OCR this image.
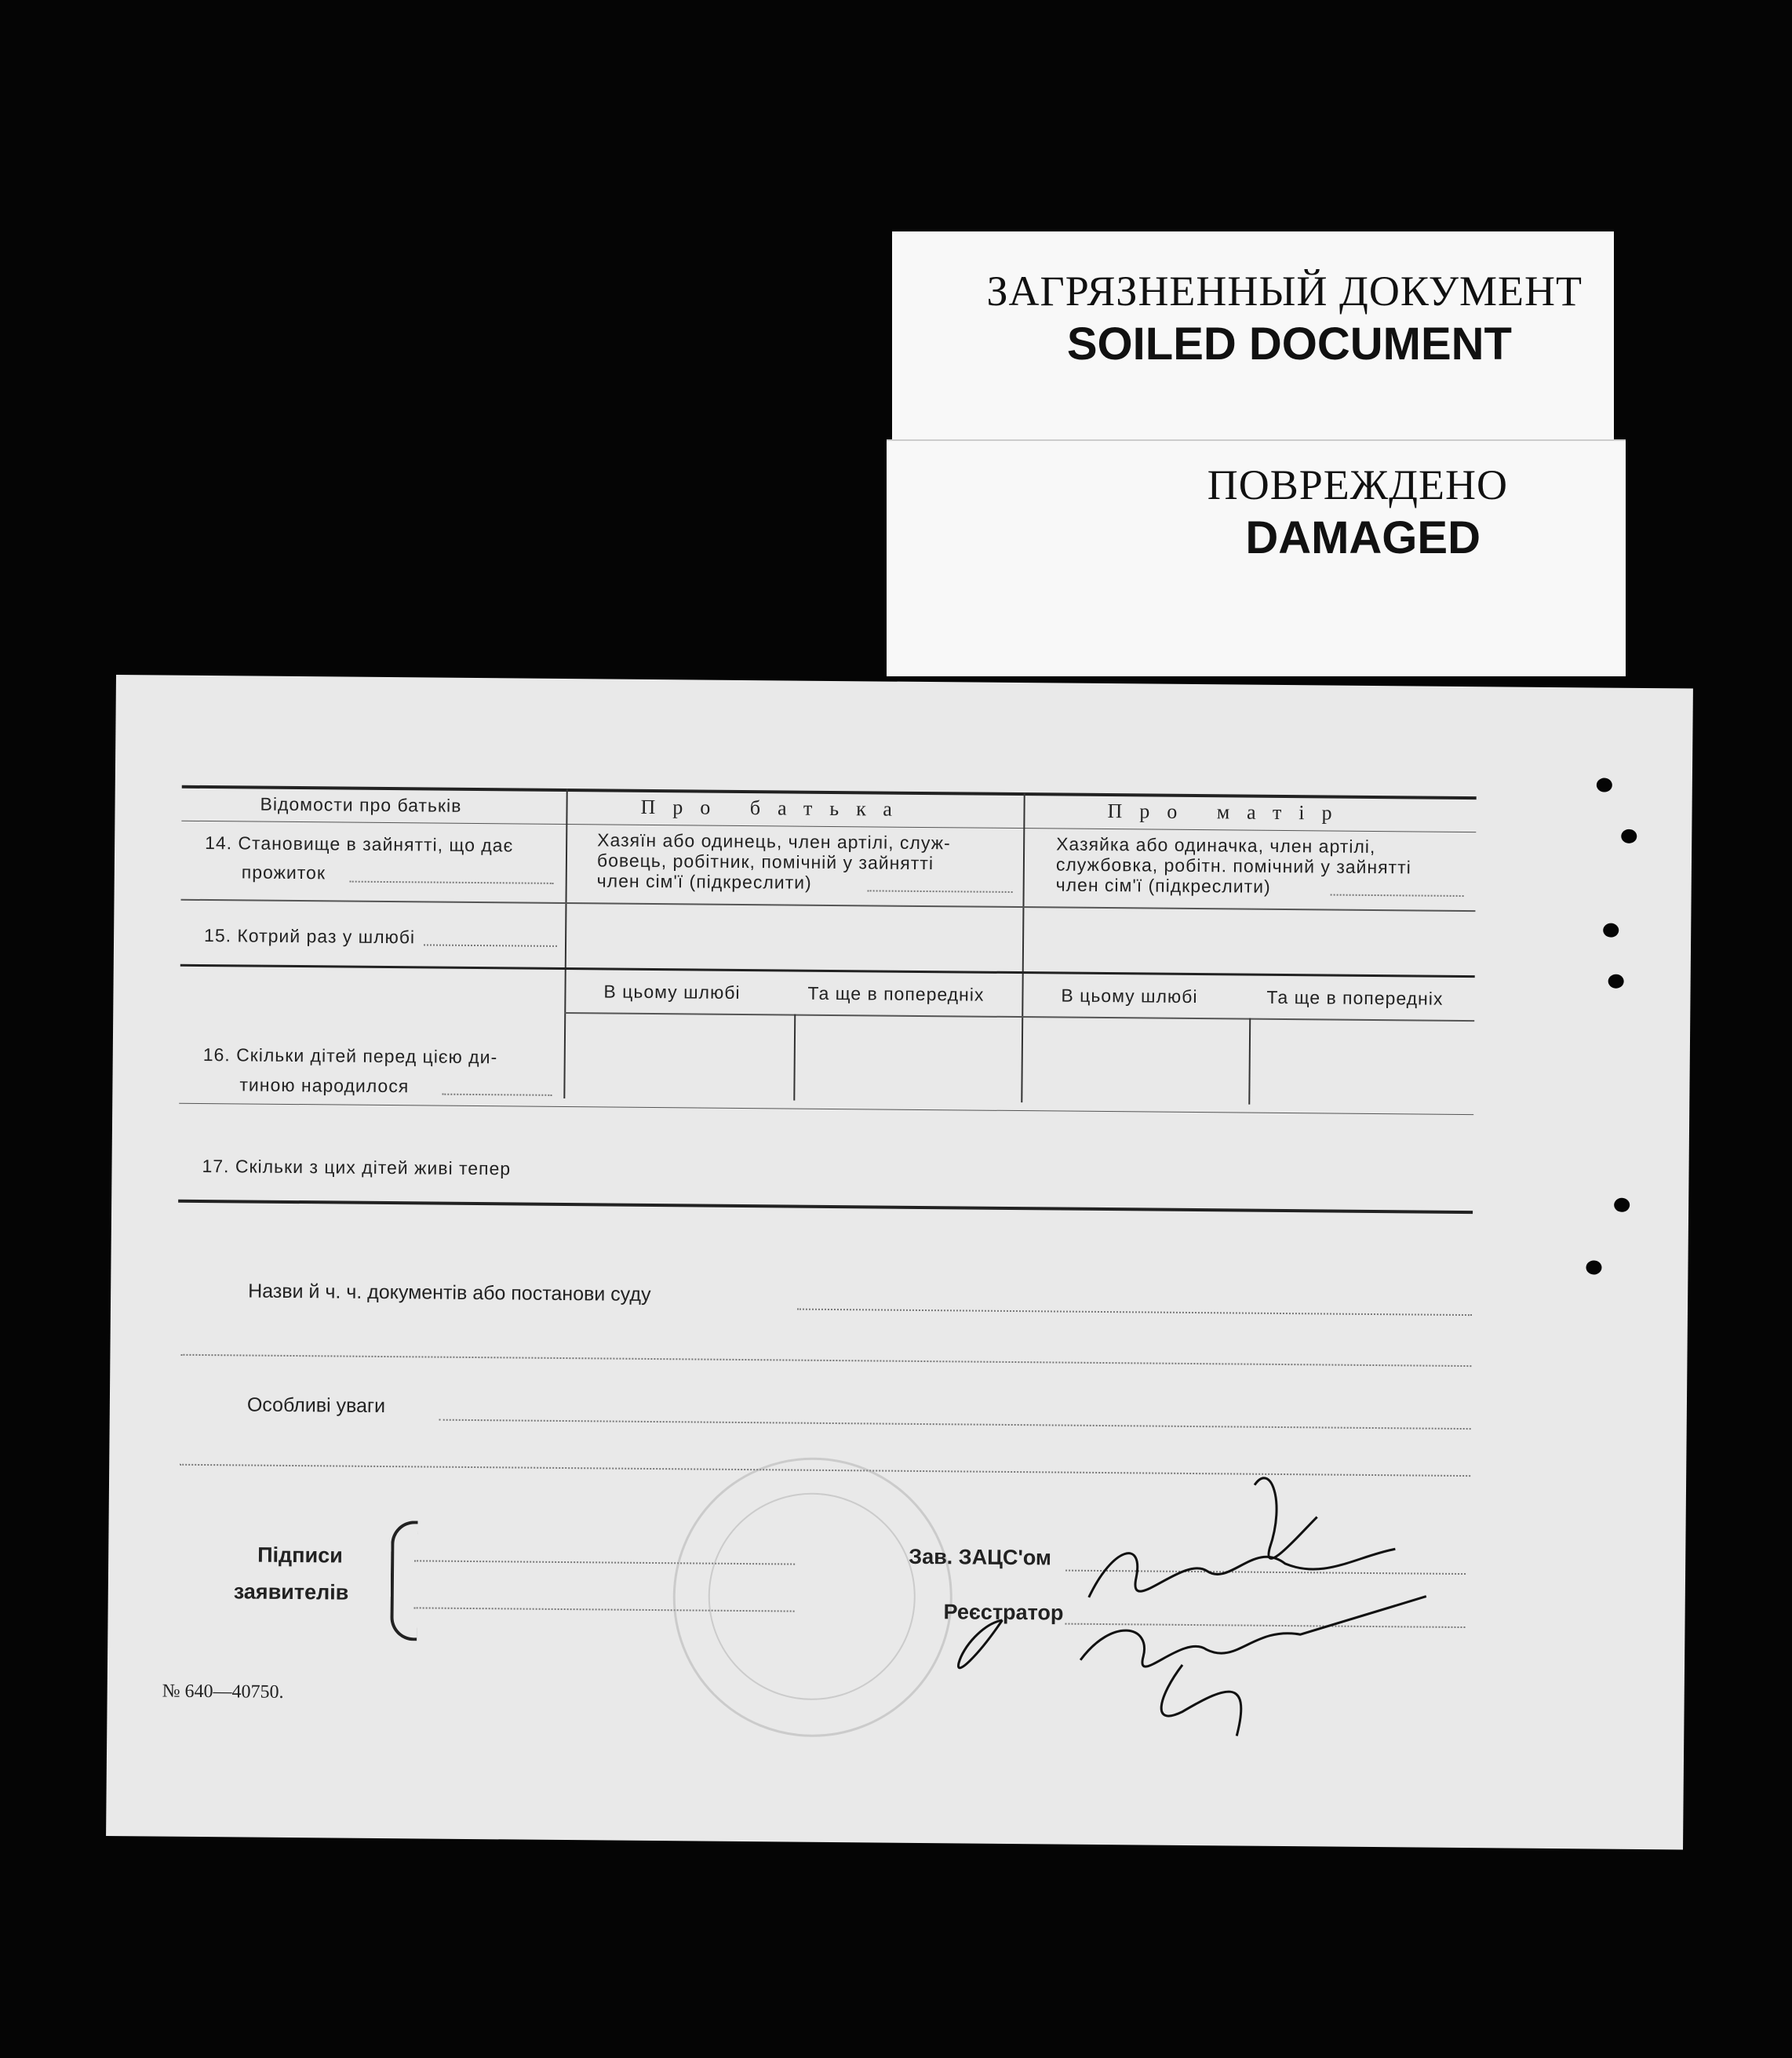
ЗАГРЯЗНЕННЫЙ ДОКУМЕНТ
SOILED DOCUMENT
ПОВРЕЖДЕНО
DAMAGED
Відомости про батьків	Про батька	Про матір
14. Становище в зайнятті, що дає
прожиток
Хазяїн або одинець, член артілі, служ-
бовець, робітник, помічній у зайнятті
член сім'ї (підкреслити)
Хазяйка або одиначка, член артілі,
службовка, робітн. помічний у зайнятті
член сім'ї (підкреслити)
15. Котрий раз у шлюбі
В цьому шлюбі	Та ще в попередніх	В цьому шлюбі	Та ще в попередніх
16. Скільки дітей перед цією ди-
тиною народилося
17. Скільки з цих дітей живі тепер
Назви й ч. ч. документів або постанови суду
Особливі уваги
Підписи
заявителів
Зав. ЗАЦС'ом
Реєстратор
№ 640—40750.
